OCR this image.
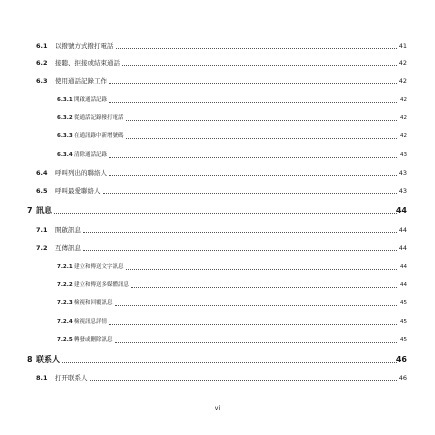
6.1 以撥號方式撥打電話	41
6.2 接聽、拒接或結束通話	42
6.3 使用通話記錄工作	42
6.3.1 開啟通話記錄	42
6.3.2 從通話記錄撥打電話	42
6.3.3 在通訊錄中新增號碼	42
6.3.4 清除通話記錄	43
6.4 呼叫列出的聯絡人	43
6.5 呼叫最愛聯絡人	43
7 訊息	44
7.1 開啟訊息	44
7.2 互傳訊息	44
7.2.1 建立和傳送文字訊息	44
7.2.2 建立和傳送多媒體訊息	44
7.2.3 檢視和回覆訊息	45
7.2.4 檢視訊息詳情	45
7.2.5 轉發或刪除訊息	45
8 联系人	46
8.1 打开联系人	46
vi
